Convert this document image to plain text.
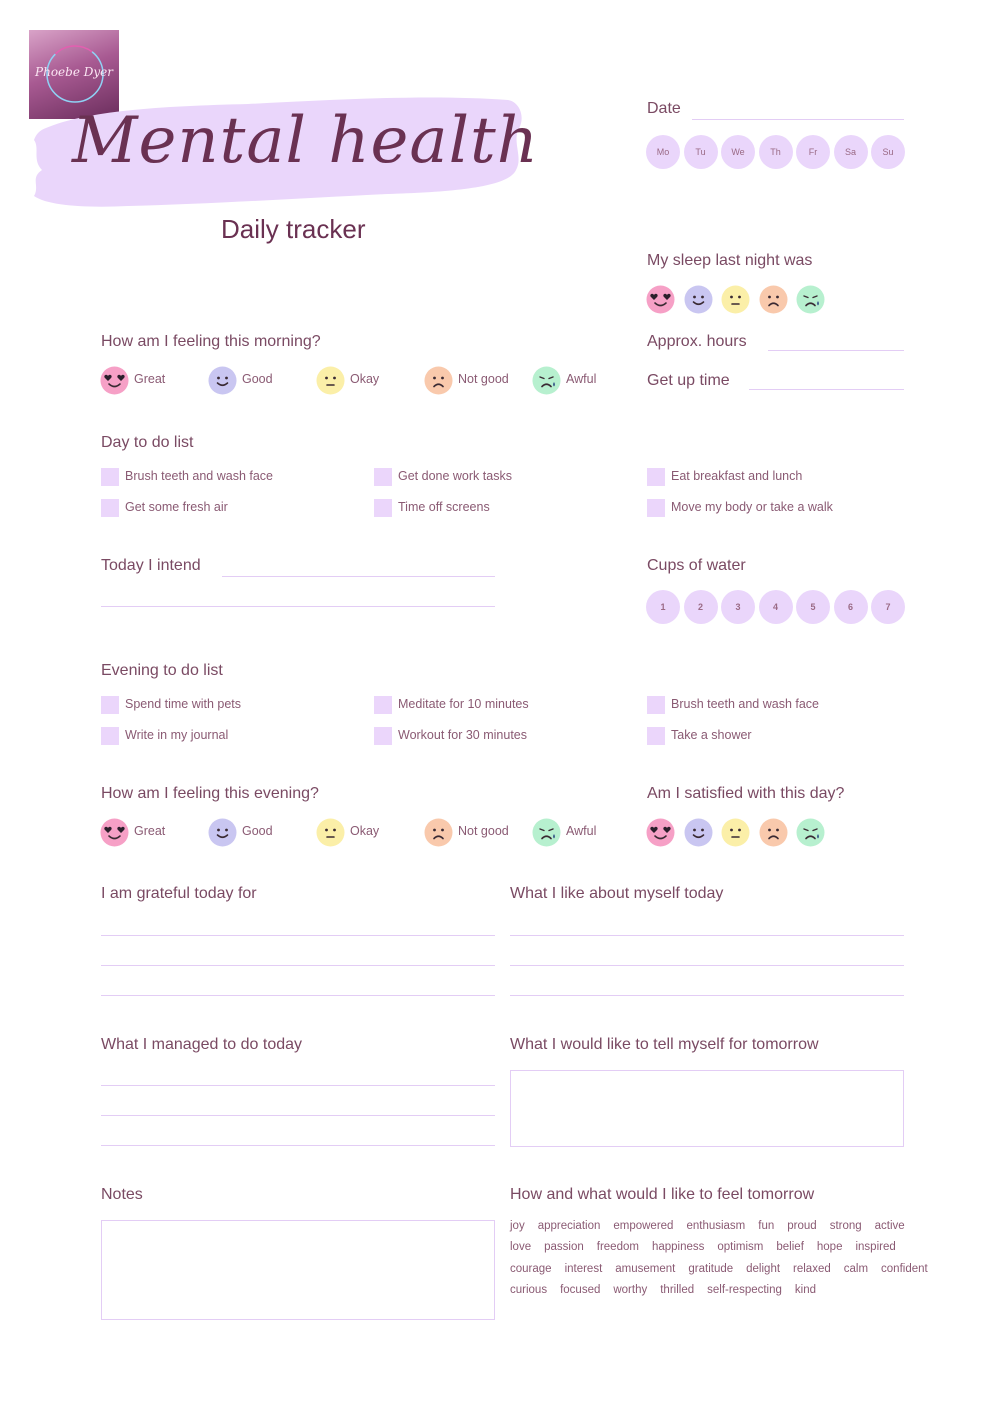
Phoebe Dyer
Mental health
Daily tracker
Date
Mo	Tu	We	Th	Fr	Sa	Su
My sleep last night was
Approx. hours
Get up time
How am I feeling this morning?
Great	Good	Okay	Not good	Awful
Day to do list
Brush teeth and wash face
Get some fresh air
Get done work tasks
Time off screens
Eat breakfast and lunch
Move my body or take a walk
Today I intend	Cups of water
1	2	3	4	5	6	7
Evening to do list
Spend time with pets
Write in my journal
Meditate for 10 minutes
Workout for 30 minutes
Brush teeth and wash face
Take a shower
How am I feeling this evening?
Great	Good	Okay	Not good	Awful
Am I satisfied with this day?
I am grateful today for	What I like about myself today
What I managed to do today	What I would like to tell myself for tomorrow
Notes	How and what would I like to feel tomorrow
joy appreciation empowered enthusiasm fun proud strong active
love passion freedom happiness optimism belief hope inspired
courage interest amusement gratitude delight relaxed calm confident
curious focused worthy thrilled self-respecting kind
